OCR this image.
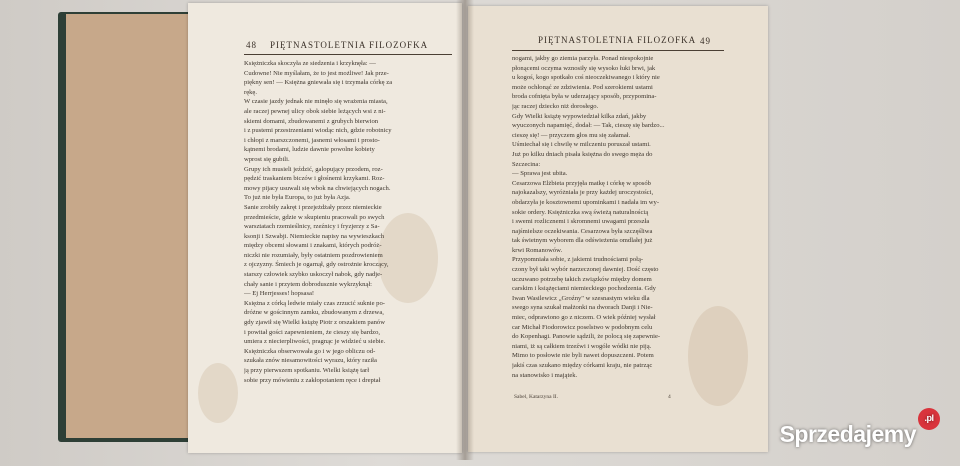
48 PIĘTNASTOLETNIA FILOZOFKA
Księżniczka skoczyła ze siedzenia i krzyknęła: —
Cudowne! Nie myślałam, że to jest możliwe! Jak prze-
piękny sen! — Księżna gniewała się i trzymała córkę za
rękę.
W czasie jazdy jednak nie minęło się wrażenia miasta,
ale raczej pewnej ulicy obok siebie leżących wsi z ni-
skiemi domami, zbudowanemi z grubych bierwion
i z pustemi przestrzeniami wiodąc nich, gdzie robotnicy
i chłopi z marszczonemi, jasnemi włosami i prosto-
kątnemi brodami, ludzie dawnie powolne kobiety
wprost się gubili.
Grupy ich musieli jeździć, galopujący przodem, roz-
pędzić traskaniem biczów i głośnemi krzykami. Roz-
mowy pijacy usuwali się wbok na chwiejących nogach.
To już nie była Europa, to już była Azja.
Sanie zrobiły zakręt i przejeżdżały przez niemieckie
przedmieście, gdzie w skupieniu pracowali po swych
warsztatach rzemieślnicy, rzeźnicy i fryzjerzy z Sa-
ksonji i Szwabji. Niemieckie napisy na wywieszkach
między obcemi słowami i znakami, których podróż-
niczki nie rozumiały, były ostatniem pozdrowieniem
z ojczyzny. Śmiech je ogarnął, gdy ostrożnie kroczący,
starszy człowiek szybko uskoczył nabok, gdy nadje-
chały sanie i przytem dobrodusznie wykrzyknął:
— Ej Herrjesses! hopsasa!
Księżna z córką ledwie miały czas zrzucić suknie po-
dróżne w gościnnym zamku, zbudowanym z drzewa,
gdy zjawił się Wielki książę Piotr z orszakiem panów
i powitał gości zapewnieniem, że cieszy się bardzo,
umiera z niecierpliwości, pragnąc je widzieć u siebie.
Księżniczka obserwowała go i w jego obliczu od-
szukała znów niesamowitości wyrazu, który raziła
ją przy pierwszem spotkaniu. Wielki książę tarł
sobie przy mówieniu z zakłopotaniem ręce i dreptał
PIĘTNASTOLETNIA FILOZOFKA 49
nogami, jakby go ziemia parzyła. Ponad niespokojnie
płonącemi oczyma wznosiły się wysoko łuki brwi, jak
u kogoś, kogo spotkało coś nieoczekiwanego i który nie
może ochłonąć ze zdziwienia. Pod szerokiemi ustami
broda cofnięta była w uderzający sposób, przypomina-
jąc raczej dziecko niż dorosłego.
Gdy Wielki książę wypowiedział kilka zdań, jakby
wyuczonych napamięć, dodał: — Tak, cieszę się bardzo...
cieszę się! — przyczem głos mu się załamał.
Uśmiechał się i chwilę w milczeniu poruszał ustami.
Już po kilku dniach pisała księżna do swego męża do
Szczecina:
— Sprawa jest ubita.
Cesarzowa Elżbieta przyjęła matkę i córkę w sposób
najokazalszy, wyróżniała je przy każdej uroczystości,
obdarzyła je kosztownemi upominkami i nadała im wy-
sokie ordery. Księżniczka swą świeżą naturalnością
i swemi rozlicznemi i skromnemi uwagami przeszła
najśmielsze oczekiwania. Cesarzowa była szczęśliwa
tak świetnym wyborem dla odświeżenia omdlałej już
krwi Romanowów.
Przypomniała sobie, z jakiemi trudnościami połą-
czony był taki wybór narzeczonej dawniej. Dość często
uczuwano potrzebę takich związków między domem
carskim i książęciami niemieckiego pochodzenia. Gdy
Iwan Wasilewicz „Groźny" w szesnastym wieku dla
swego syna szukał małżonki na dworach Danji i Nie-
miec, odprawiono go z niczem. O wiek później wysłał
car Michał Fiodorowicz poselstwo w podobnym celu
do Kopenhagi. Panowie sądzili, że polocą się zapewnie-
niami, iż są całkiem trzeźwi i wogóle wódki nie piją.
Mimo to posłowie nie byli nawet dopuszczeni. Potem
jakiś czas szukano między córkami kraju, nie patrząc
na stanowisko i majątek.
Sabel, Katarzyna II.	4
Sprzedajemy
.pl
